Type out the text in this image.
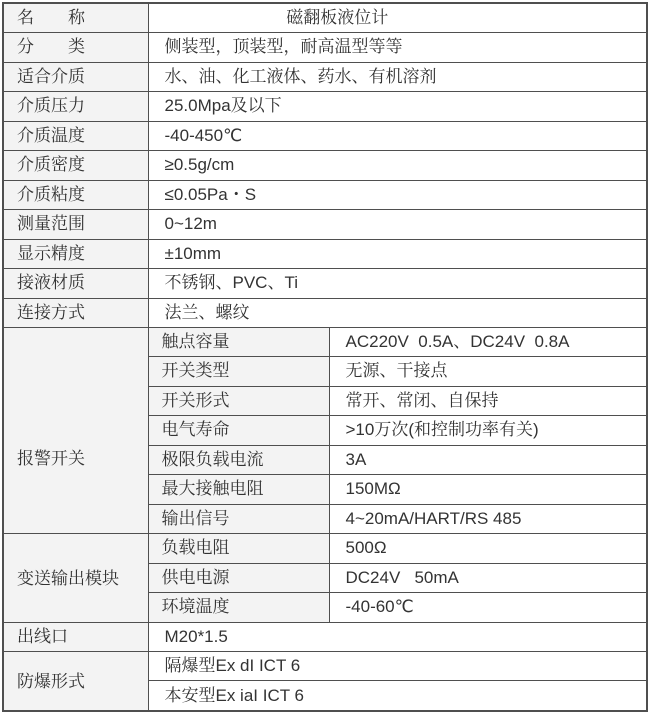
名　　称	磁翻板液位计	
分　　类	侧装型，顶装型，耐高温型等等	
适合介质	水、油、化工液体、药水、有机溶剂	
介质压力	25.0Mpa及以下	
介质温度	-40-450℃	
介质密度	≥0.5g/cm	
介质粘度	≤0.05Pa・S	
测量范围	0~12m	
显示精度	±10mm	
接液材质	不锈钢、PVC、Ti	
连接方式	法兰、螺纹	
报警开关	触点容量	AC220V  0.5A、DC24V  0.8A
	开关类型	无源、干接点
	开关形式	常开、常闭、自保持
	电气寿命	>10万次(和控制功率有关)
	极限负载电流	3A
	最大接触电阻	150MΩ
	输出信号	4~20mA/HART/RS 485
变送输出模块	负载电阻	500Ω
	供电电源	DC24V   50mA
	环境温度	-40-60℃
出线口	M20*1.5	
防爆形式	隔爆型Ex dI ICT 6	
	本安型Ex iaI ICT 6	
